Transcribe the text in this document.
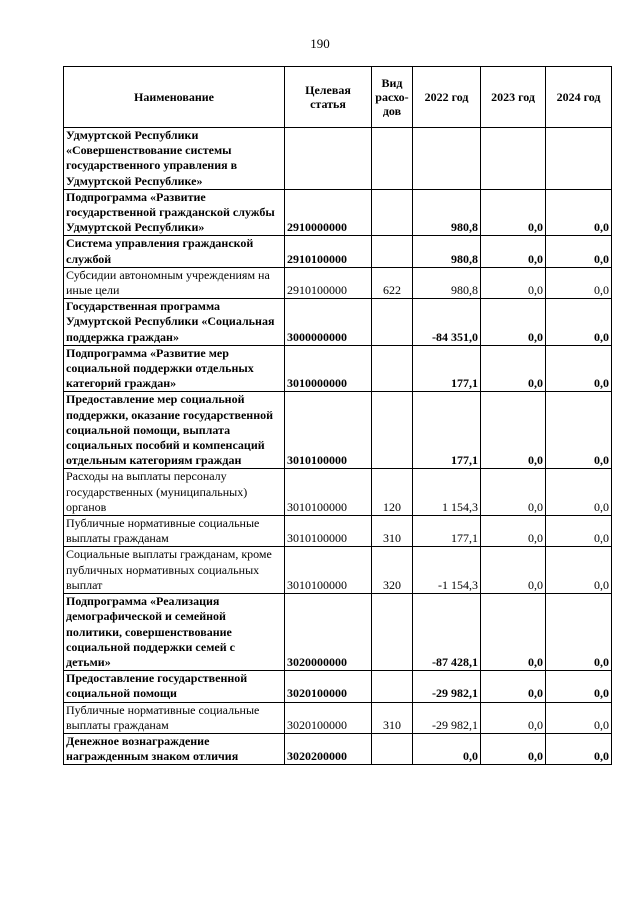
190
Наименование	Целевая статья	Вид расхо-дов	2022 год	2023 год	2024 год
Удмуртской Республики «Совершенствование системы государственного управления в Удмуртской Республике»					
Подпрограмма «Развитие государственной гражданской службы Удмуртской Республики»	2910000000		980,8	0,0	0,0
Система управления гражданской службой	2910100000		980,8	0,0	0,0
Субсидии автономным учреждениям на иные цели	2910100000	622	980,8	0,0	0,0
Государственная программа Удмуртской Республики «Социальная поддержка граждан»	3000000000		-84 351,0	0,0	0,0
Подпрограмма «Развитие мер социальной поддержки отдельных категорий граждан»	3010000000		177,1	0,0	0,0
Предоставление мер социальной поддержки, оказание государственной социальной помощи, выплата социальных пособий и компенсаций отдельным категориям граждан	3010100000		177,1	0,0	0,0
Расходы на выплаты персоналу государственных (муниципальных) органов	3010100000	120	1 154,3	0,0	0,0
Публичные нормативные социальные выплаты гражданам	3010100000	310	177,1	0,0	0,0
Социальные выплаты гражданам, кроме публичных нормативных социальных выплат	3010100000	320	-1 154,3	0,0	0,0
Подпрограмма «Реализация демографической и семейной политики, совершенствование социальной поддержки семей с детьми»	3020000000		-87 428,1	0,0	0,0
Предоставление государственной социальной помощи	3020100000		-29 982,1	0,0	0,0
Публичные нормативные социальные выплаты гражданам	3020100000	310	-29 982,1	0,0	0,0
Денежное вознаграждение награжденным знаком отличия	3020200000		0,0	0,0	0,0
